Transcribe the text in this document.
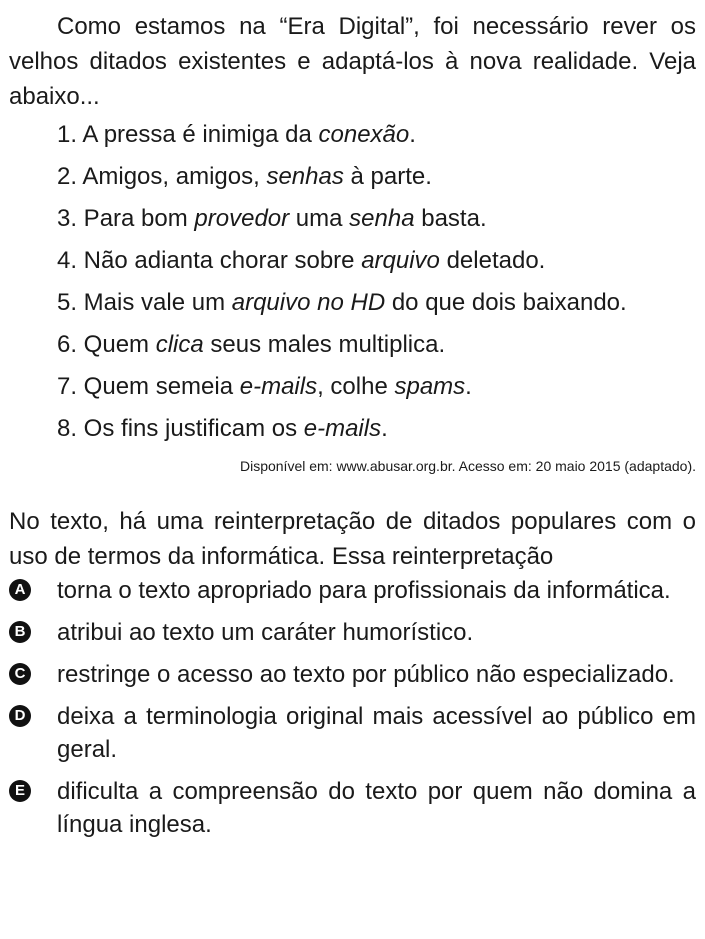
Como estamos na “Era Digital”, foi necessário rever os velhos ditados existentes e adaptá-los à nova realidade. Veja abaixo...

1. A pressa é inimiga da conexão.
2. Amigos, amigos, senhas à parte.
3. Para bom provedor uma senha basta.
4. Não adianta chorar sobre arquivo deletado.
5. Mais vale um arquivo no HD do que dois baixando.
6. Quem clica seus males multiplica.
7. Quem semeia e-mails, colhe spams.
8. Os fins justificam os e-mails.
Disponível em: www.abusar.org.br. Acesso em: 20 maio 2015 (adaptado).

No texto, há uma reinterpretação de ditados populares com o uso de termos da informática. Essa reinterpretação

A torna o texto apropriado para profissionais da informática.
B atribui ao texto um caráter humorístico.
C restringe o acesso ao texto por público não especializado.
D deixa a terminologia original mais acessível ao público em geral.
E dificulta a compreensão do texto por quem não domina a língua inglesa.
